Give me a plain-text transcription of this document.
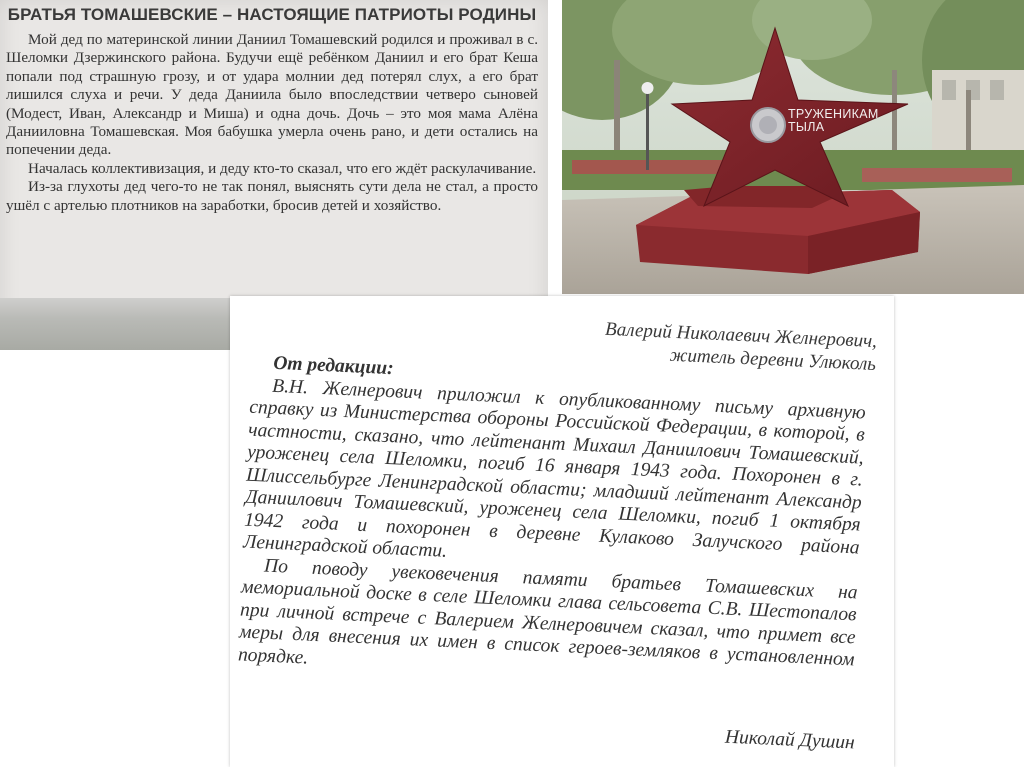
БРАТЬЯ ТОМАШЕВСКИЕ – НАСТОЯЩИЕ ПАТРИОТЫ РОДИНЫ

Мой дед по материнской линии Даниил Томашевский родился и проживал в с. Шеломки Дзержинского района. Будучи ещё ребёнком Даниил и его брат Кеша попали под страшную грозу, и от удара молнии дед потерял слух, а его брат лишился слуха и речи. У деда Даниила было впоследствии четверо сыновей (Модест, Иван, Александр и Миша) и одна дочь. Дочь – это моя мама Алёна Данииловна Томашевская. Моя бабушка умерла очень рано, и дети остались на попечении деда.

Началась коллективизация, и деду кто-то сказал, что его ждёт раскулачивание.

Из-за глухоты дед чего-то не так понял, выяснять сути дела не стал, а просто ушёл с артелью плотников на заработки, бросив детей и хозяйство.

ТРУЖЕНИКАМ
ТЫЛА
Валерий Николаевич Желнерович,
житель деревни Улюколь
От редакции:

В.Н. Желнерович приложил к опубликованному письму архивную справку из Министерства обороны Российской Федерации, в которой, в частности, сказано, что лейтенант Михаил Даниилович Томашевский, уроженец села Шеломки, погиб 16 января 1943 года. Похоронен в г. Шлиссельбурге Ленинградской области; младший лейтенант Александр Даниилович Томашевский, уроженец села Шеломки, погиб 1 октября 1942 года и похоронен в деревне Кулаково Залучского района Ленинградской области.

По поводу увековечения памяти братьев Томашевских на мемориальной доске в селе Шеломки глава сельсовета С.В. Шестопалов при личной встрече с Валерием Желнеровичем сказал, что примет все меры для внесения их имен в список героев-земляков в установленном порядке.

Николай Душин
